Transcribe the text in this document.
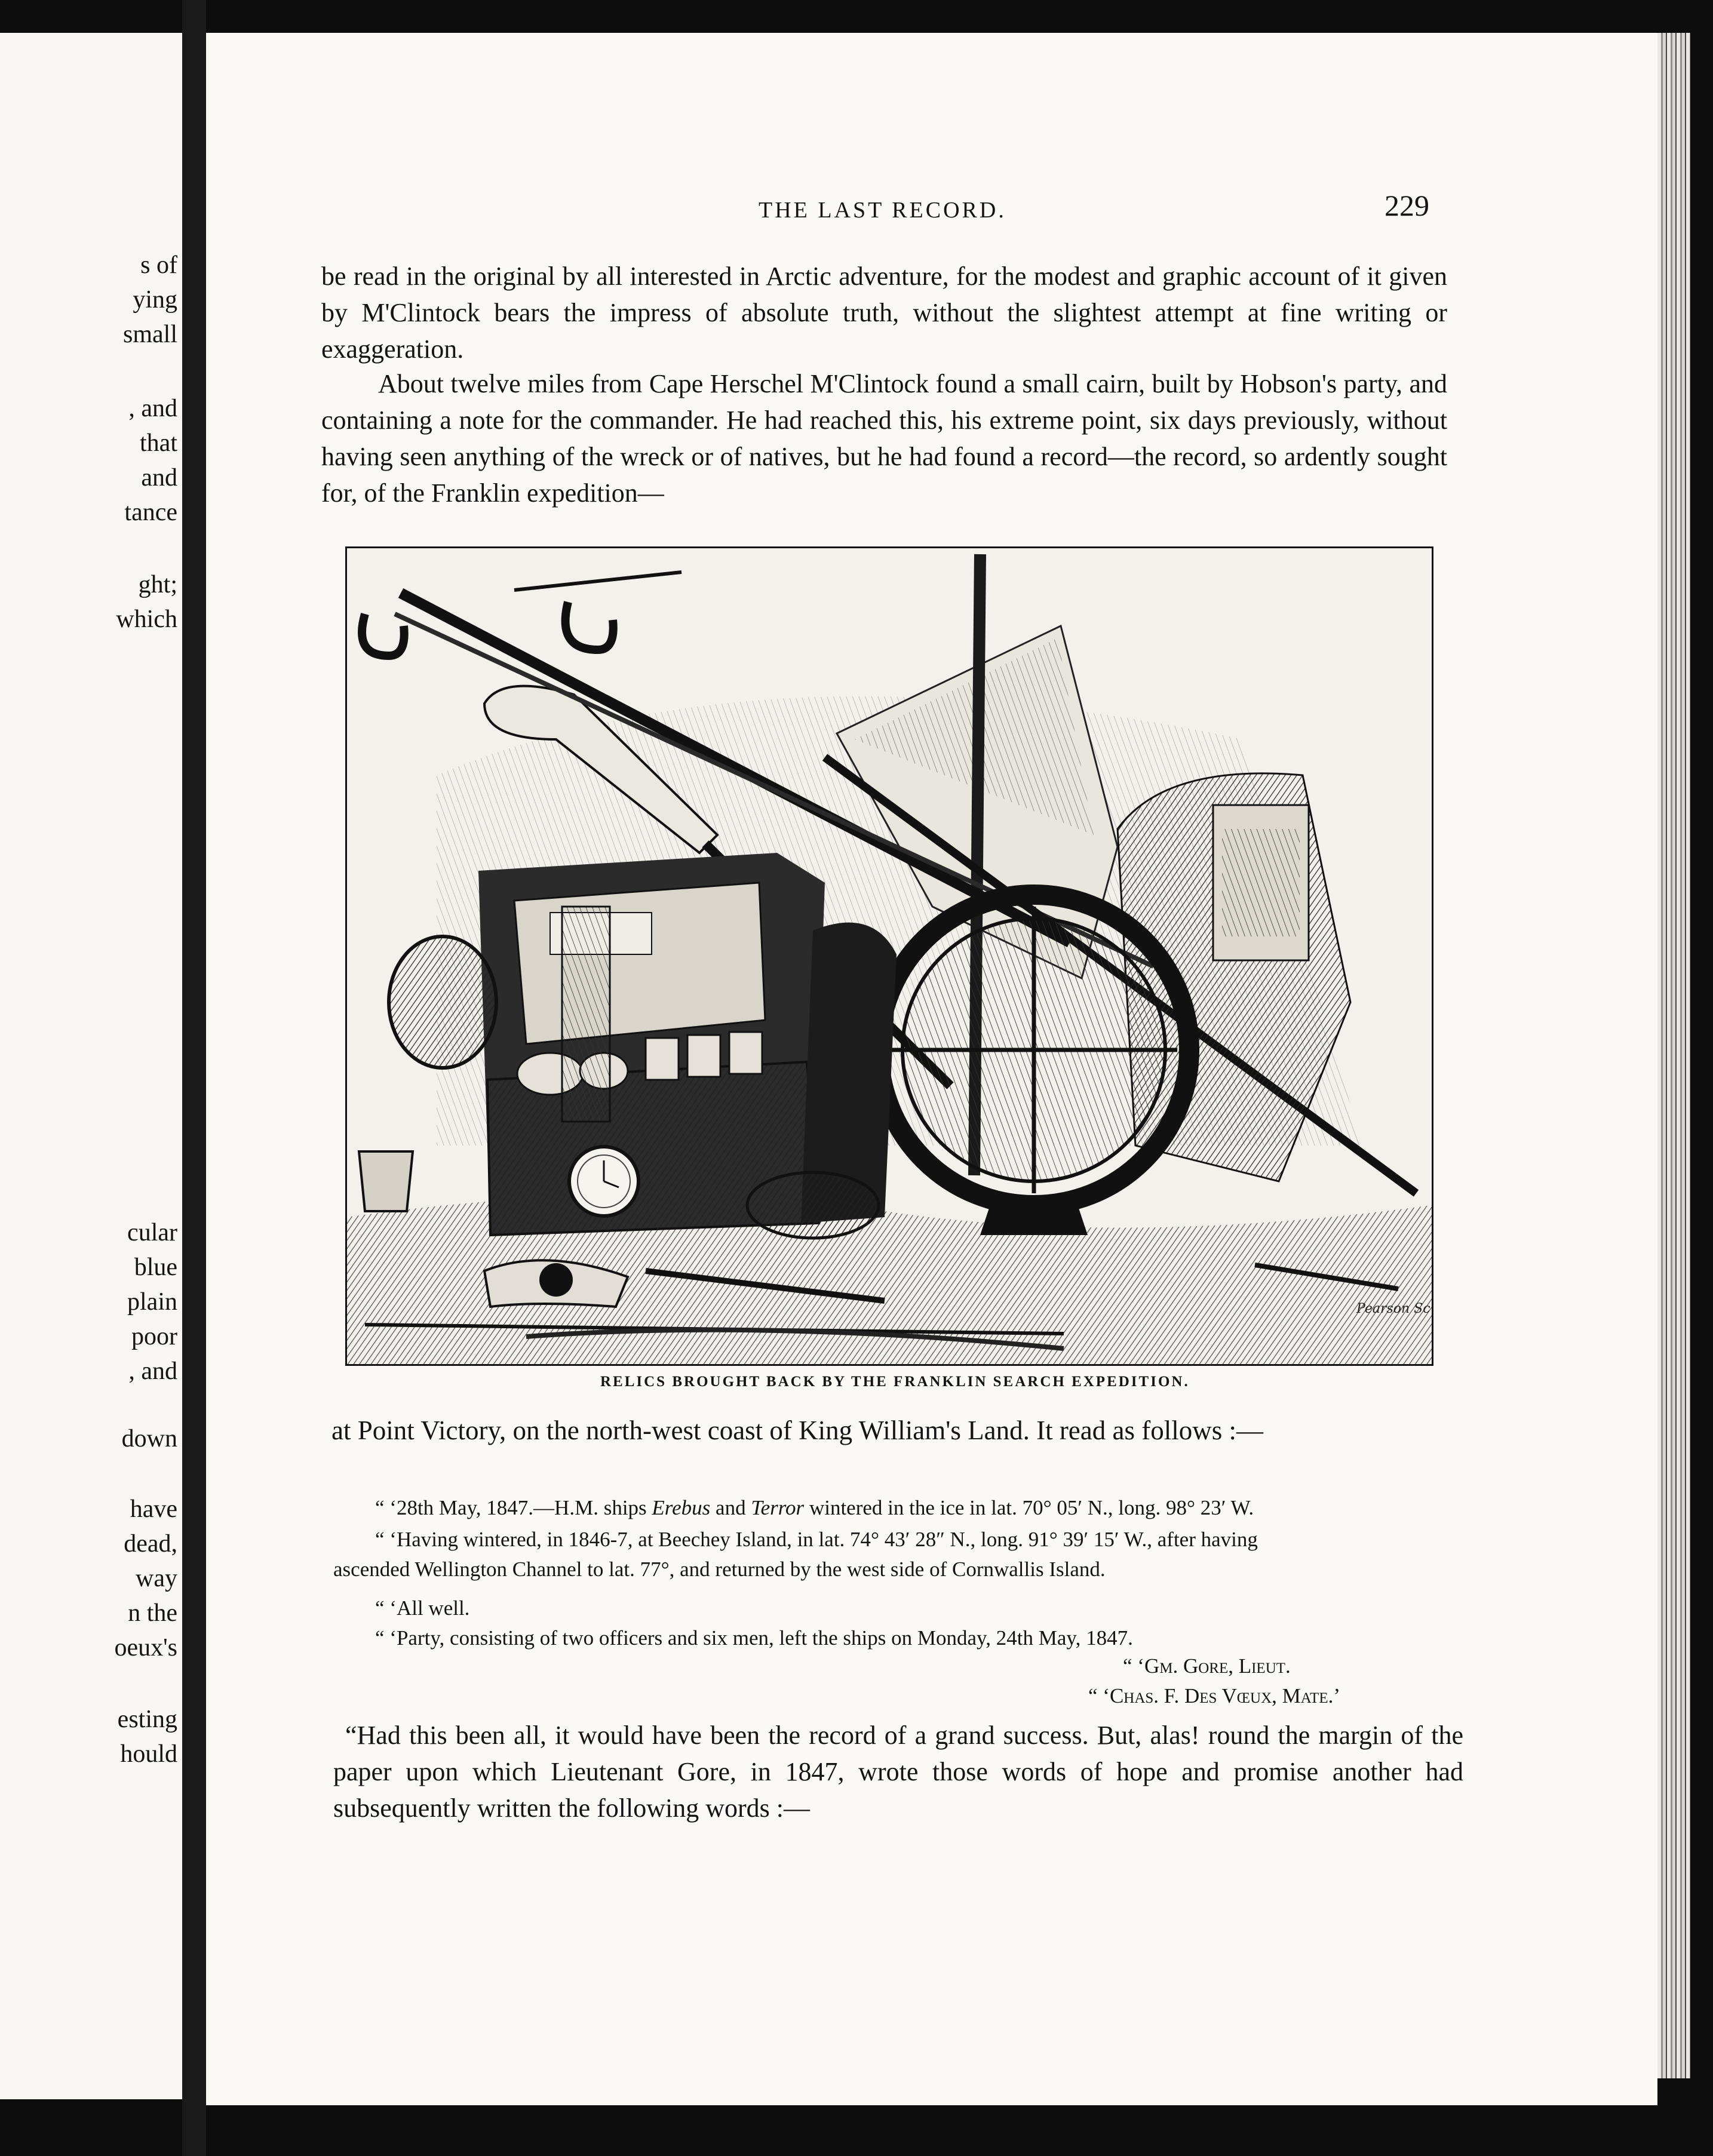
s of
ying
small
, and
that
and
tance
ght;
which
cular
blue
plain
poor
, and
down
have
dead,
way
n the
oeux's
esting
hould
THE LAST RECORD.	229

be read in the original by all interested in Arctic adventure, for the modest and graphic account of it given by M'Clintock bears the impress of absolute truth, without the slightest attempt at fine writing or exaggeration.

About twelve miles from Cape Herschel M'Clintock found a small cairn, built by Hobson's party, and containing a note for the commander. He had reached this, his extreme point, six days previously, without having seen anything of the wreck or of natives, but he had found a record—the record, so ardently sought for, of the Franklin expedition—

Pearson Sc
RELICS BROUGHT BACK BY THE FRANKLIN SEARCH EXPEDITION.

at Point Victory, on the north-west coast of King William's Land. It read as follows :—

“ ‘28th May, 1847.—H.M. ships Erebus and Terror wintered in the ice in lat. 70° 05′ N., long. 98° 23′ W.

“ ‘Having wintered, in 1846-7, at Beechey Island, in lat. 74° 43′ 28″ N., long. 91° 39′ 15′ W., after having

ascended Wellington Channel to lat. 77°, and returned by the west side of Cornwallis Island.

“ ‘All well.

“ ‘Party, consisting of two officers and six men, left the ships on Monday, 24th May, 1847.

“ ‘Gm. Gore, Lieut.

“ ‘Chas. F. Des Vœux, Mate.’

“Had this been all, it would have been the record of a grand success. But, alas! round the margin of the paper upon which Lieutenant Gore, in 1847, wrote those words of hope and promise another had subsequently written the following words :—
